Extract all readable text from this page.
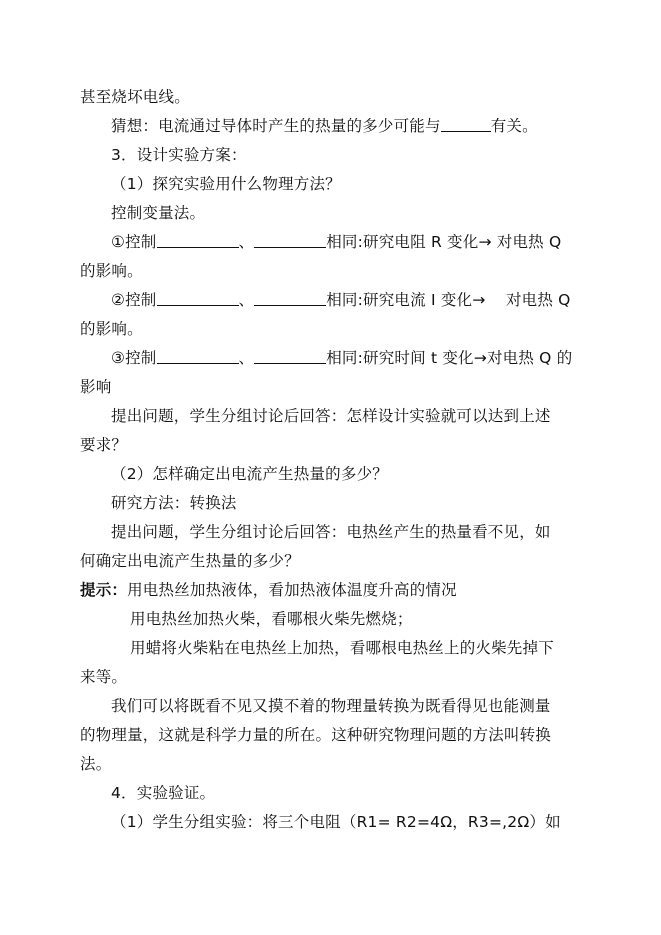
甚至烧坏电线。
猜想：电流通过导体时产生的热量的多少可能与	有关。
3．设计实验方案：
（1）探究实验用什么物理方法？
控制变量法。
①控制	、	相同:研究电阻 R 变化→ 对电热 Q
的影响。
②控制	、	相同:研究电流 I 变化→    对电热 Q
的影响。
③控制	、	相同:研究时间 t 变化→对电热 Q 的
影响
提出问题，学生分组讨论后回答：怎样设计实验就可以达到上述
要求？
（2）怎样确定出电流产生热量的多少？
研究方法：转换法
提出问题，学生分组讨论后回答：电热丝产生的热量看不见，如
何确定出电流产生热量的多少？
提示：用电热丝加热液体，看加热液体温度升高的情况
用电热丝加热火柴，看哪根火柴先燃烧；
用蜡将火柴粘在电热丝上加热，看哪根电热丝上的火柴先掉下
来等。
我们可以将既看不见又摸不着的物理量转换为既看得见也能测量
的物理量，这就是科学力量的所在。这种研究物理问题的方法叫转换
法。
4．实验验证。
（1）学生分组实验：将三个电阻（R1= R2=4Ω，R3=,2Ω）如
